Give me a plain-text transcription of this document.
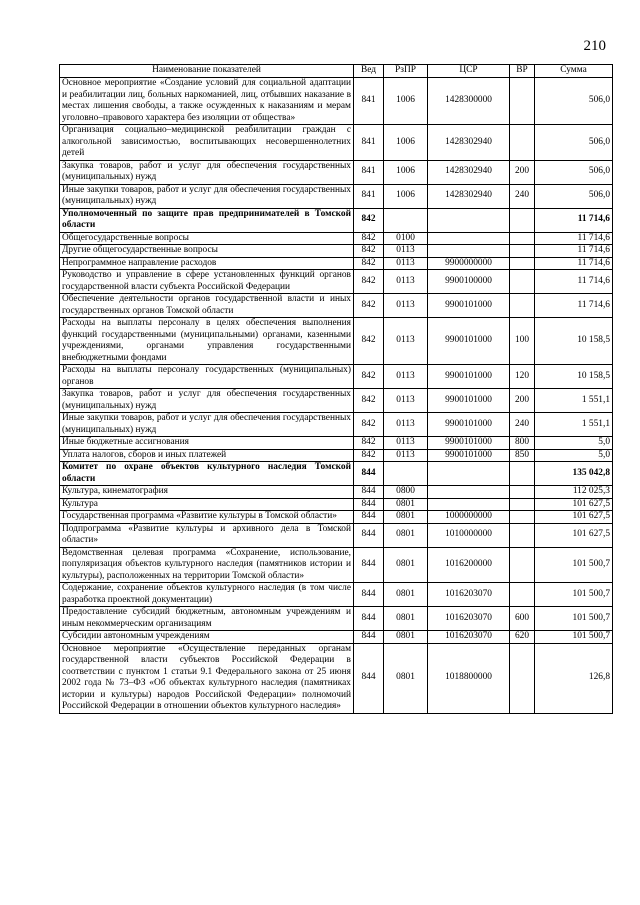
210
Наименование показателей	Вед	РзПР	ЦСР	ВР	Сумма
Основное мероприятие «Создание условий для социальной адаптации и реабилитации лиц, больных наркоманией, лиц, отбывших наказание в местах лишения свободы, а также осужденных к наказаниям и мерам уголовно–правового характера без изоляции от общества»	841	1006	1428300000		506,0
Организация социально–медицинской реабилитации граждан с алкогольной зависимостью, воспитывающих несовершеннолетних детей	841	1006	1428302940		506,0
Закупка товаров, работ и услуг для обеспечения государственных (муниципальных) нужд	841	1006	1428302940	200	506,0
Иные закупки товаров, работ и услуг для обеспечения государственных (муниципальных) нужд	841	1006	1428302940	240	506,0
Уполномоченный по защите прав предпринимателей в Томской области	842				11 714,6
Общегосударственные вопросы	842	0100			11 714,6
Другие общегосударственные вопросы	842	0113			11 714,6
Непрограммное направление расходов	842	0113	9900000000		11 714,6
Руководство и управление в сфере установленных функций органов государственной власти субъекта Российской Федерации	842	0113	9900100000		11 714,6
Обеспечение деятельности органов государственной власти и иных государственных органов Томской области	842	0113	9900101000		11 714,6
Расходы на выплаты персоналу в целях обеспечения выполнения функций государственными (муниципальными) органами, казенными учреждениями, органами управления государственными внебюджетными фондами	842	0113	9900101000	100	10 158,5
Расходы на выплаты персоналу государственных (муниципальных) органов	842	0113	9900101000	120	10 158,5
Закупка товаров, работ и услуг для обеспечения государственных (муниципальных) нужд	842	0113	9900101000	200	1 551,1
Иные закупки товаров, работ и услуг для обеспечения государственных (муниципальных) нужд	842	0113	9900101000	240	1 551,1
Иные бюджетные ассигнования	842	0113	9900101000	800	5,0
Уплата налогов, сборов и иных платежей	842	0113	9900101000	850	5,0
Комитет по охране объектов культурного наследия Томской области	844				135 042,8
Культура, кинематография	844	0800			112 025,3
Культура	844	0801			101 627,5
Государственная программа «Развитие культуры в Томской области»	844	0801	1000000000		101 627,5
Подпрограмма «Развитие культуры и архивного дела в Томской области»	844	0801	1010000000		101 627,5
Ведомственная целевая программа «Сохранение, использование, популяризация объектов культурного наследия (памятников истории и культуры), расположенных на территории Томской области»	844	0801	1016200000		101 500,7
Содержание, сохранение объектов культурного наследия (в том числе разработка проектной документации)	844	0801	1016203070		101 500,7
Предоставление субсидий бюджетным, автономным учреждениям и иным некоммерческим организациям	844	0801	1016203070	600	101 500,7
Субсидии автономным учреждениям	844	0801	1016203070	620	101 500,7
Основное мероприятие «Осуществление переданных органам государственной власти субъектов Российской Федерации в соответствии с пунктом 1 статьи 9.1 Федерального закона от 25 июня 2002 года № 73–ФЗ «Об объектах культурного наследия (памятниках истории и культуры) народов Российской Федерации» полномочий Российской Федерации в отношении объектов культурного наследия»	844	0801	1018800000		126,8
